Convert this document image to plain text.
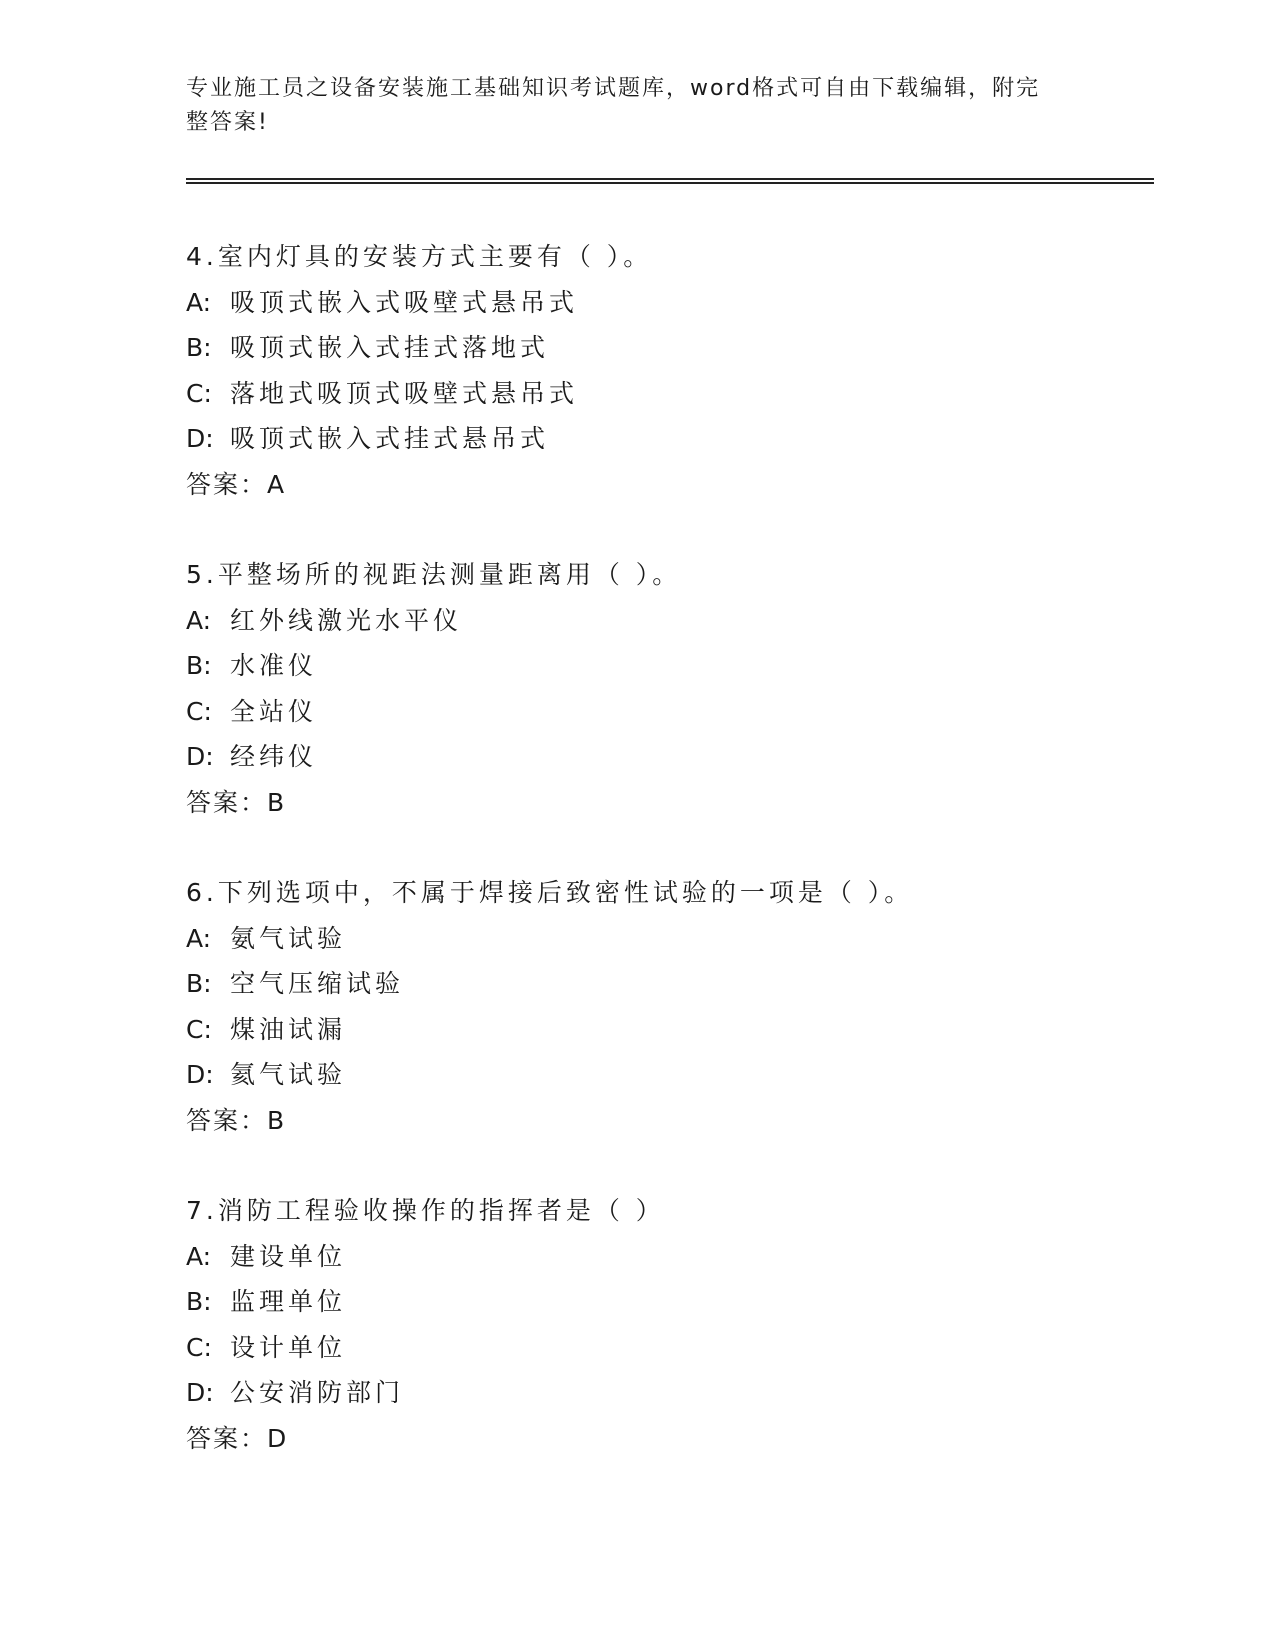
专业施工员之设备安装施工基础知识考试题库，word格式可自由下载编辑，附完
整答案!
4.室内灯具的安装方式主要有（ ）。
A: 吸顶式嵌入式吸壁式悬吊式
B: 吸顶式嵌入式挂式落地式
C: 落地式吸顶式吸壁式悬吊式
D: 吸顶式嵌入式挂式悬吊式
答案：A
5.平整场所的视距法测量距离用（ ）。
A: 红外线激光水平仪
B: 水准仪
C: 全站仪
D: 经纬仪
答案：B
6.下列选项中，不属于焊接后致密性试验的一项是（ ）。
A: 氨气试验
B: 空气压缩试验
C: 煤油试漏
D: 氦气试验
答案：B
7.消防工程验收操作的指挥者是（ ）
A: 建设单位
B: 监理单位
C: 设计单位
D: 公安消防部门
答案：D
